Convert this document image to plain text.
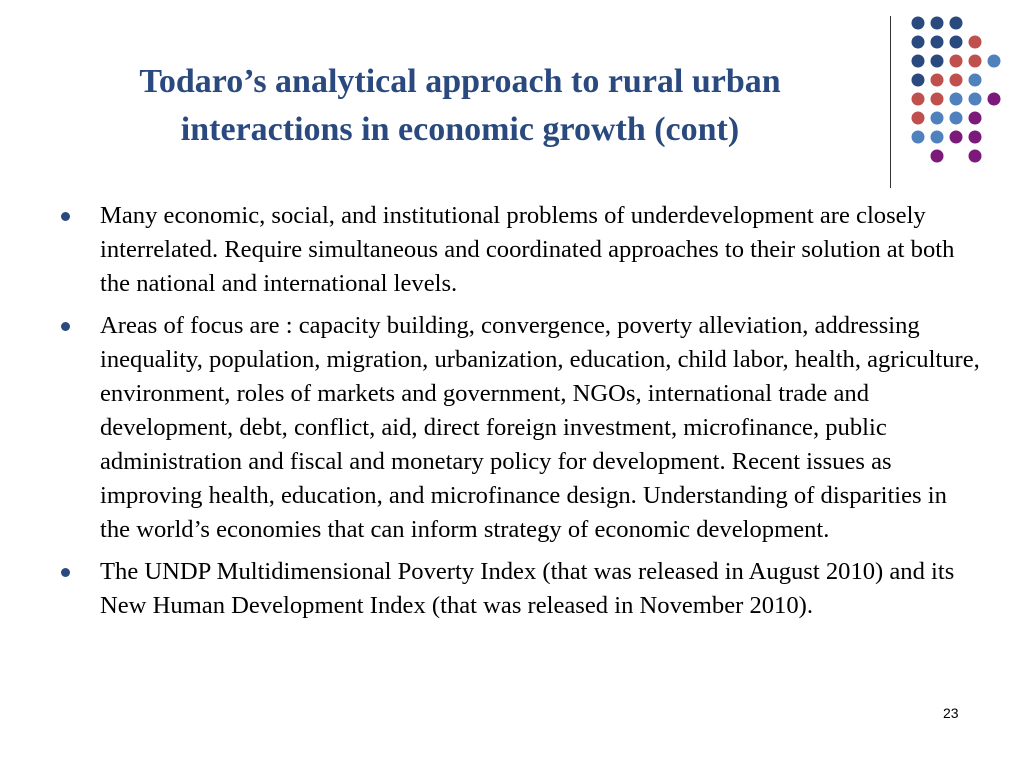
Todaro’s analytical approach to rural urban
interactions in economic growth (cont)
Many economic, social, and institutional problems of underdevelopment are closely interrelated. Require simultaneous and coordinated approaches to their solution at both the national and international levels.
Areas of focus are : capacity building, convergence, poverty alleviation, addressing inequality, population, migration, urbanization, education, child labor, health, agriculture, environment, roles of markets and government, NGOs, international trade and development, debt, conflict, aid, direct foreign investment, microfinance, public administration and fiscal and monetary policy for development. Recent issues as improving health, education, and microfinance design. Understanding of disparities in the world’s economies that can inform strategy of economic development.
The UNDP Multidimensional Poverty Index (that was released in August 2010) and its New Human Development Index (that was released in November 2010).
23
